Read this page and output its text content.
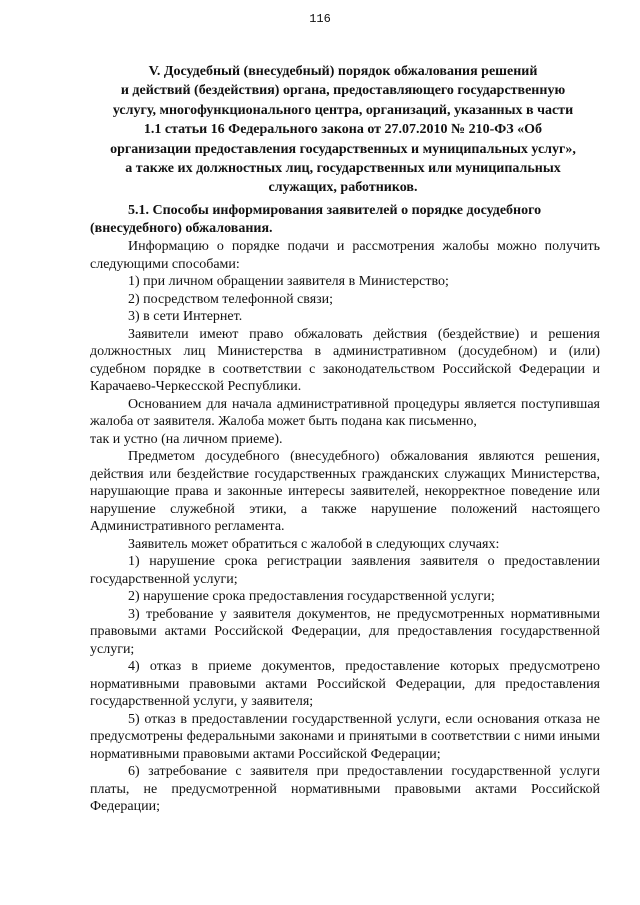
116
V. Досудебный (внесудебный) порядок обжалования решений
и действий (бездействия) органа, предоставляющего государственную
услугу, многофункционального центра, организаций, указанных в части
1.1 статьи 16 Федерального закона от 27.07.2010 № 210-ФЗ «Об
организации предоставления государственных и муниципальных услуг»,
а также их должностных лиц, государственных или муниципальных
служащих, работников.
5.1. Способы информирования заявителей о порядке досудебного
(внесудебного) обжалования.
Информацию о порядке подачи и рассмотрения жалобы можно получить следующими способами:
1) при личном обращении заявителя в Министерство;
2) посредством телефонной связи;
3) в сети Интернет.
Заявители имеют право обжаловать действия (бездействие) и решения должностных лиц Министерства в административном (досудебном) и (или) судебном порядке в соответствии с законодательством Российской Федерации и Карачаево-Черкесской Республики.
Основанием для начала административной процедуры является поступившая жалоба от заявителя. Жалоба может быть подана как письменно,
так и устно (на личном приеме).
Предметом досудебного (внесудебного) обжалования являются решения, действия или бездействие государственных гражданских служащих Министерства, нарушающие права и законные интересы заявителей, некорректное поведение или нарушение служебной этики, а также нарушение положений настоящего Административного регламента.
Заявитель может обратиться с жалобой в следующих случаях:
1) нарушение срока регистрации заявления заявителя о предоставлении государственной услуги;
2) нарушение срока предоставления государственной услуги;
3) требование у заявителя документов, не предусмотренных нормативными правовыми актами Российской Федерации, для предоставления государственной услуги;
4) отказ в приеме документов, предоставление которых предусмотрено нормативными правовыми актами Российской Федерации, для предоставления государственной услуги, у заявителя;
5) отказ в предоставлении государственной услуги, если основания отказа не предусмотрены федеральными законами и принятыми в соответствии с ними иными нормативными правовыми актами Российской Федерации;
6) затребование с заявителя при предоставлении государственной услуги платы, не предусмотренной нормативными правовыми актами Российской Федерации;
